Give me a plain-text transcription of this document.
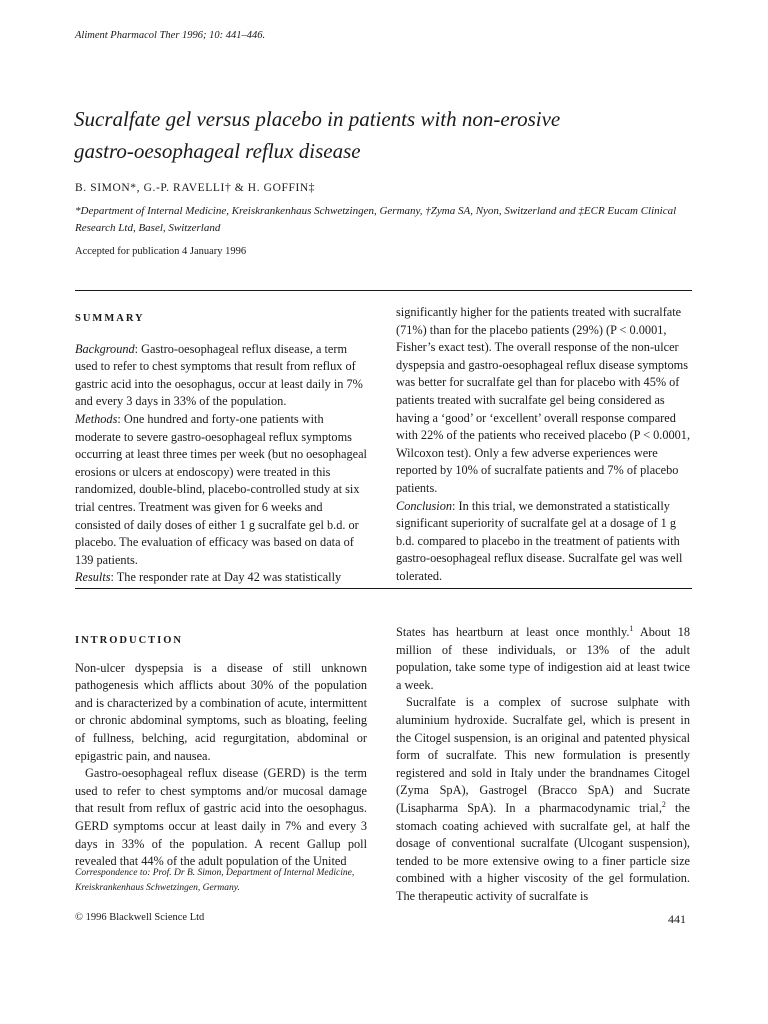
Aliment Pharmacol Ther 1996; 10: 441–446.
Sucralfate gel versus placebo in patients with non-erosive
gastro-oesophageal reflux disease
B. SIMON*, G.-P. RAVELLI† & H. GOFFIN‡
*Department of Internal Medicine, Kreiskrankenhaus Schwetzingen, Germany, †Zyma SA, Nyon, Switzerland and ‡ECR Eucam Clinical Research Ltd, Basel, Switzerland
Accepted for publication 4 January 1996
SUMMARY

Background: Gastro-oesophageal reflux disease, a term used to refer to chest symptoms that result from reflux of gastric acid into the oesophagus, occur at least daily in 7% and every 3 days in 33% of the population.

Methods: One hundred and forty-one patients with moderate to severe gastro-oesophageal reflux symptoms occurring at least three times per week (but no oesophageal erosions or ulcers at endoscopy) were treated in this randomized, double-blind, placebo-controlled study at six trial centres. Treatment was given for 6 weeks and consisted of daily doses of either 1 g sucralfate gel b.d. or placebo. The evaluation of efficacy was based on data of 139 patients.

Results: The responder rate at Day 42 was statistically

significantly higher for the patients treated with sucralfate (71%) than for the placebo patients (29%) (P < 0.0001, Fisher’s exact test). The overall response of the non-ulcer dyspepsia and gastro-oesophageal reflux disease symptoms was better for sucralfate gel than for placebo with 45% of patients treated with sucralfate gel being considered as having a ‘good’ or ‘excellent’ overall response compared with 22% of the patients who received placebo (P < 0.0001, Wilcoxon test). Only a few adverse experiences were reported by 10% of sucralfate patients and 7% of placebo patients.

Conclusion: In this trial, we demonstrated a statistically significant superiority of sucralfate gel at a dosage of 1 g b.d. compared to placebo in the treatment of patients with gastro-oesophageal reflux disease. Sucralfate gel was well tolerated.

INTRODUCTION

Non-ulcer dyspepsia is a disease of still unknown pathogenesis which afflicts about 30% of the population and is characterized by a combination of acute, intermittent or chronic abdominal symptoms, such as bloating, feeling of fullness, belching, acid regurgitation, abdominal or epigastric pain, and nausea.

Gastro-oesophageal reflux disease (GERD) is the term used to refer to chest symptoms and/or mucosal damage that result from reflux of gastric acid into the oesophagus. GERD symptoms occur at least daily in 7% and every 3 days in 33% of the population. A recent Gallup poll revealed that 44% of the adult population of the United

States has heartburn at least once monthly.$^1$ About 18 million of these individuals, or 13% of the adult population, take some type of indigestion aid at least twice a week.

Sucralfate is a complex of sucrose sulphate with aluminium hydroxide. Sucralfate gel, which is present in the Citogel suspension, is an original and patented physical form of sucralfate. This new formulation is presently registered and sold in Italy under the brandnames Citogel (Zyma SpA), Gastrogel (Bracco SpA) and Sucrate (Lisapharma SpA). In a pharmacodynamic trial,$^2$ the stomach coating achieved with sucralfate gel, at half the dosage of conventional sucralfate (Ulcogant suspension), tended to be more extensive owing to a finer particle size combined with a higher viscosity of the gel formulation. The therapeutic activity of sucralfate is

Correspondence to: Prof. Dr B. Simon, Department of Internal Medicine, Kreiskrankenhaus Schwetzingen, Germany.
© 1996 Blackwell Science Ltd	441
